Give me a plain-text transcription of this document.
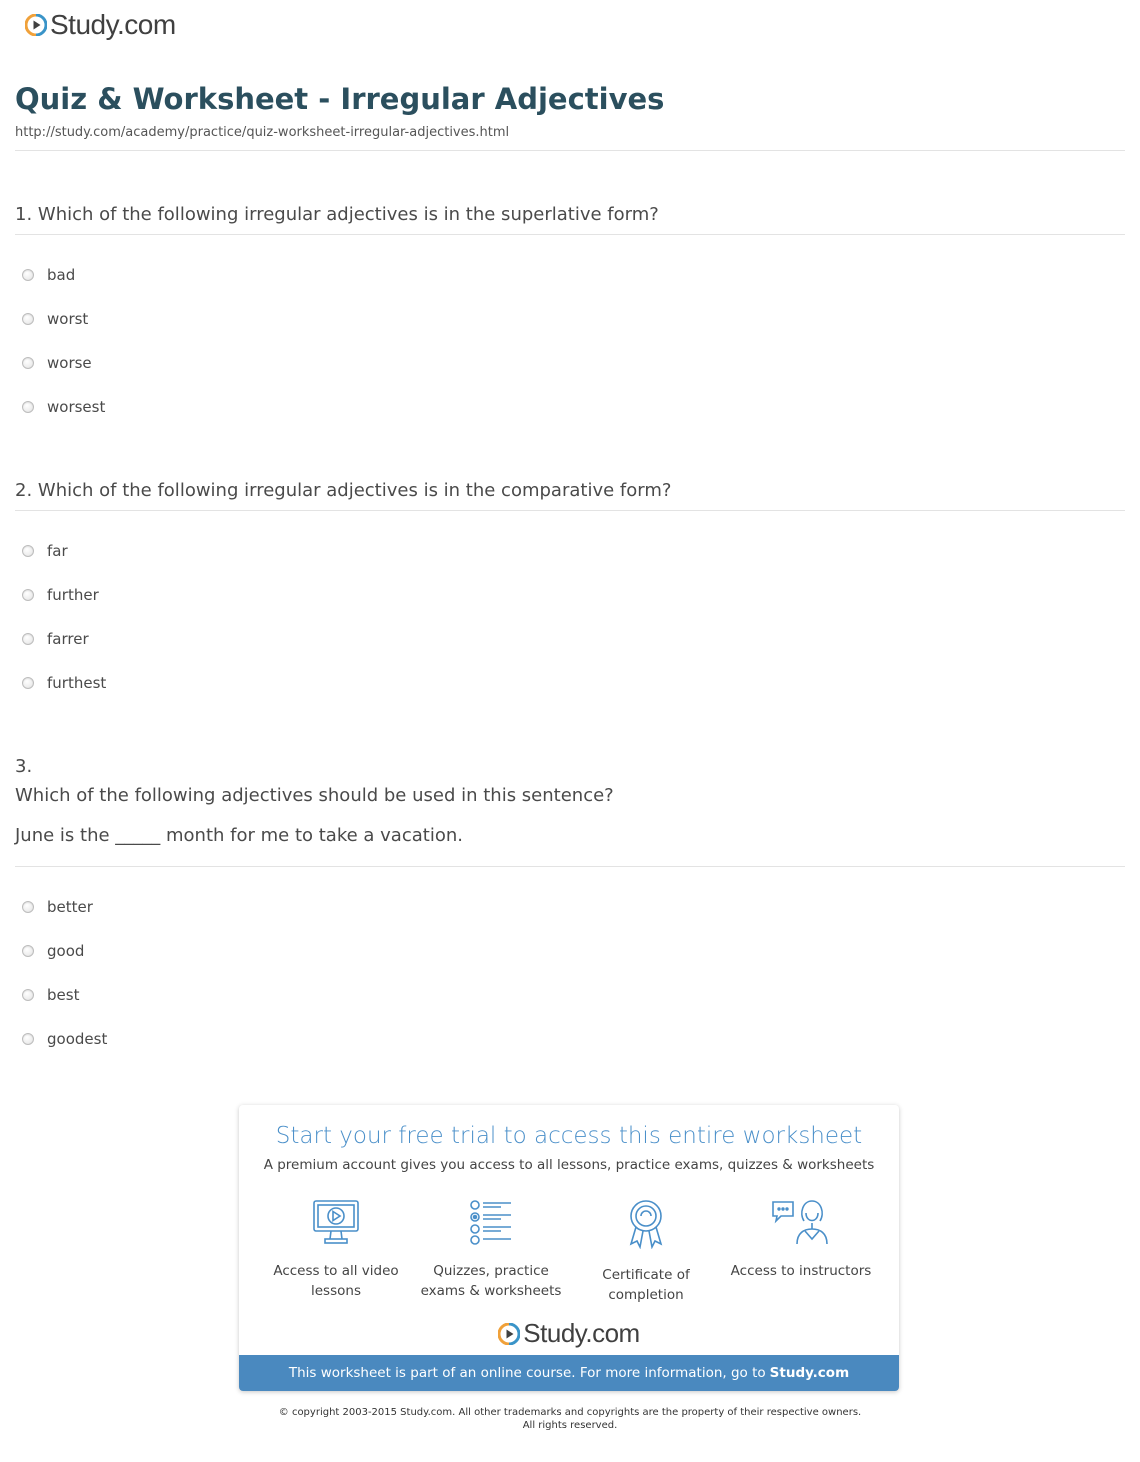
Study.com
Quiz & Worksheet - Irregular Adjectives
http://study.com/academy/practice/quiz-worksheet-irregular-adjectives.html
1. Which of the following irregular adjectives is in the superlative form?
bad
worst
worse
worsest
2. Which of the following irregular adjectives is in the comparative form?
far
further
farrer
furthest
3.
Which of the following adjectives should be used in this sentence?
June is the _____ month for me to take a vacation.
better
good
best
goodest
Start your free trial to access this entire worksheet
A premium account gives you access to all lessons, practice exams, quizzes & worksheets
Access to all video lessons
Quizzes, practice exams & worksheets
Certificate of completion
Access to instructors
Study.com
This worksheet is part of an online course. For more information, go to Study.com
© copyright 2003-2015 Study.com. All other trademarks and copyrights are the property of their respective owners.
All rights reserved.
